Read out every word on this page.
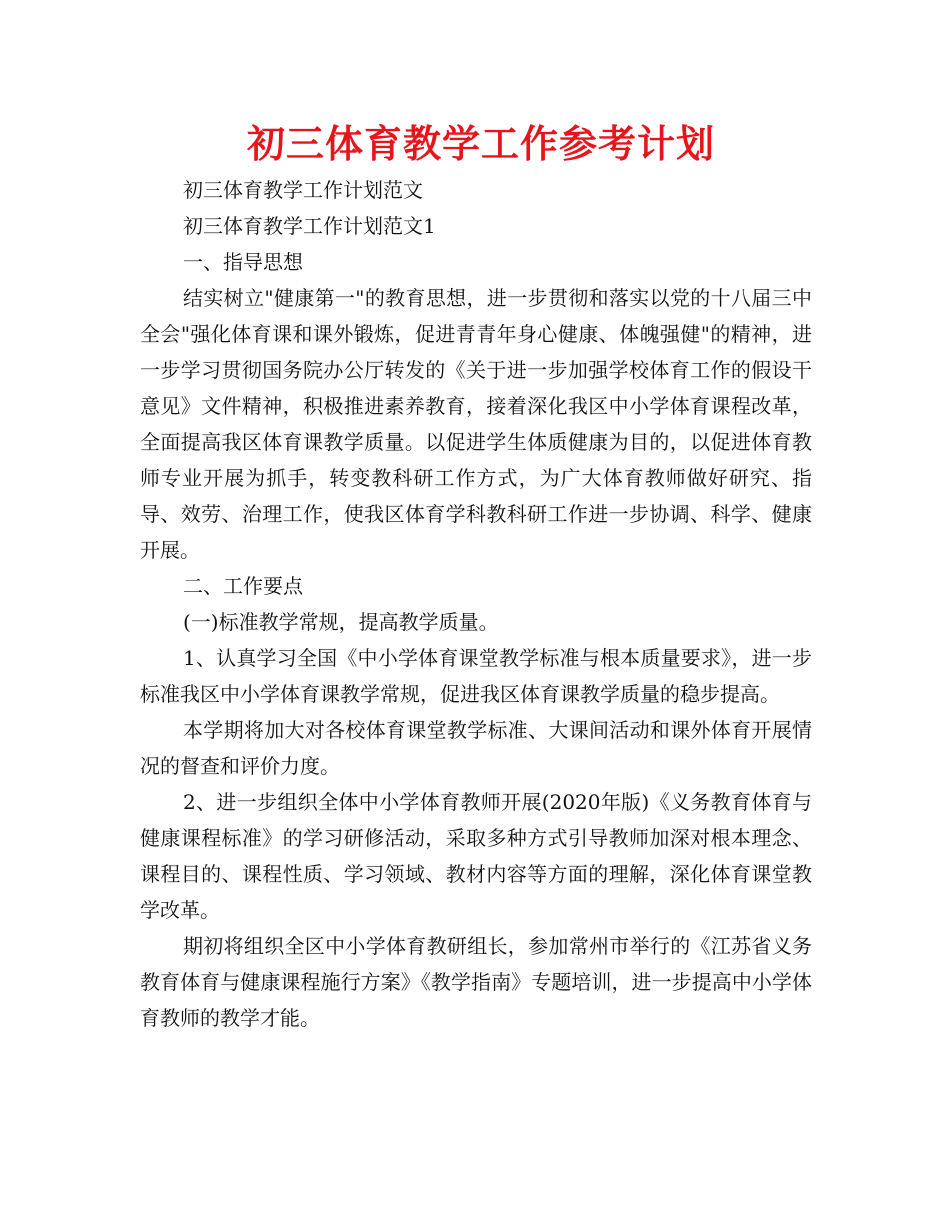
初三体育教学工作参考计划

初三体育教学工作计划范文

初三体育教学工作计划范文1

一、指导思想

结实树立"健康第一"的教育思想，进一步贯彻和落实以党的十八届三中全会"强化体育课和课外锻炼，促进青青年身心健康、体魄强健"的精神，进一步学习贯彻国务院办公厅转发的《关于进一步加强学校体育工作的假设干意见》文件精神，积极推进素养教育，接着深化我区中小学体育课程改革，全面提高我区体育课教学质量。以促进学生体质健康为目的，以促进体育教师专业开展为抓手，转变教科研工作方式，为广大体育教师做好研究、指导、效劳、治理工作，使我区体育学科教科研工作进一步协调、科学、健康开展。

二、工作要点

(一)标准教学常规，提高教学质量。

1、认真学习全国《中小学体育课堂教学标准与根本质量要求》，进一步标准我区中小学体育课教学常规，促进我区体育课教学质量的稳步提高。

本学期将加大对各校体育课堂教学标准、大课间活动和课外体育开展情况的督查和评价力度。

2、进一步组织全体中小学体育教师开展(2020年版)《义务教育体育与健康课程标准》的学习研修活动，采取多种方式引导教师加深对根本理念、课程目的、课程性质、学习领域、教材内容等方面的理解，深化体育课堂教学改革。

期初将组织全区中小学体育教研组长，参加常州市举行的《江苏省义务教育体育与健康课程施行方案》《教学指南》专题培训，进一步提高中小学体育教师的教学才能。
